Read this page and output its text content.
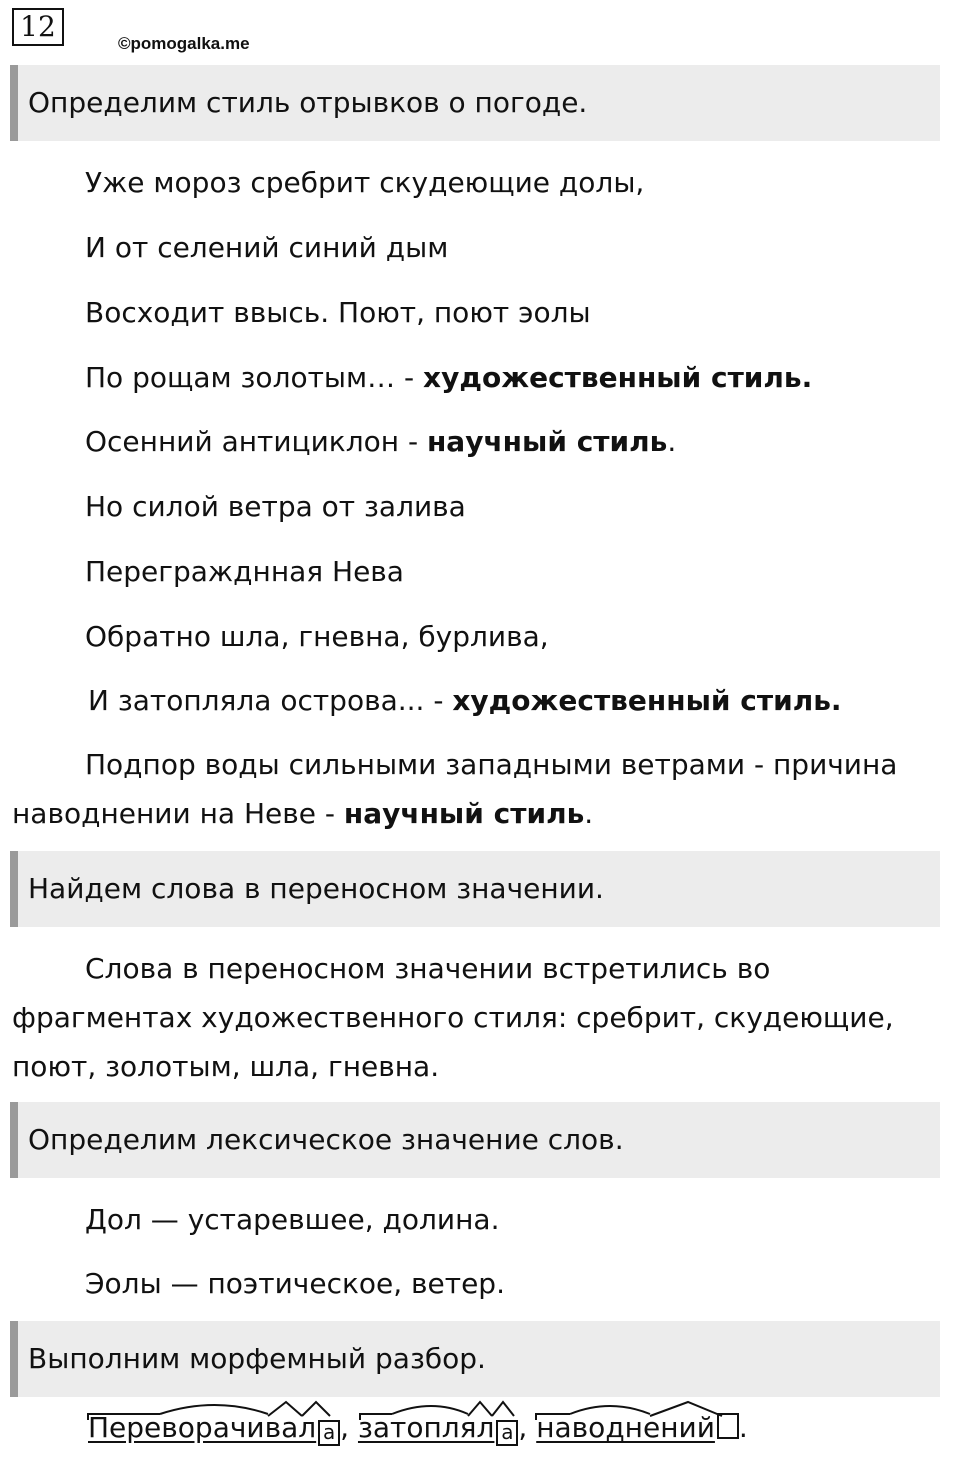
12
©pomogalka.me
Определим стиль отрывков о погоде.
Уже мороз сребрит скудеющие долы,
И от селений синий дым
Восходит ввысь. Поют, поют эолы
По рощам золотым… - художественный стиль.
Осенний антициклон - научный стиль.
Но силой ветра от залива
Перегражднная Нева
Обратно шла, гневна, бурлива,
И затопляла острова... - художественный стиль.
Подпор воды сильными западными ветрами - причина наводнении на Неве - научный стиль.
Найдем слова в переносном значении.
Слова в переносном значении встретились во фрагментах художественного стиля: сребрит, скудеющие, поют, золотым, шла, гневна.
Определим лексическое значение слов.
Дол — устаревшее, долина.
Эолы — поэтическое, ветер.
Выполним морфемный разбор.
Переворачивал а , затоплял а , наводнений .
